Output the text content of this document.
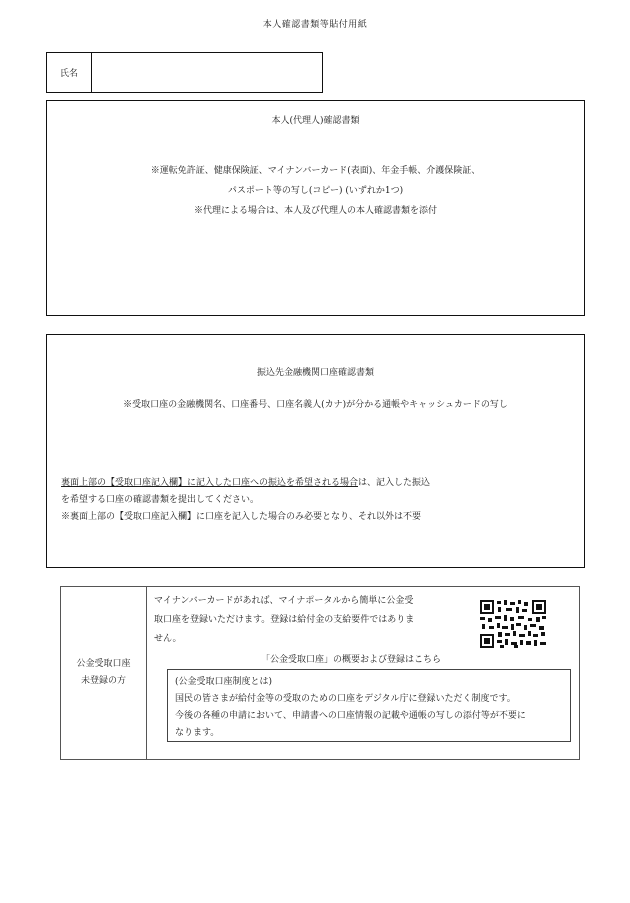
本人確認書類等貼付用紙
氏名
本人(代理人)確認書類
※運転免許証、健康保険証、マイナンバーカード(表面)、年金手帳、介護保険証、
パスポート等の写し(コピー) (いずれか1つ)
※代理による場合は、本人及び代理人の本人確認書類を添付
振込先金融機関口座確認書類
※受取口座の金融機関名、口座番号、口座名義人(カナ)が分かる通帳やキャッシュカードの写し
裏面上部の【受取口座記入欄】に記入した口座への振込を希望される場合は、記入した振込
を希望する口座の確認書類を提出してください。
※裏面上部の【受取口座記入欄】に口座を記入した場合のみ必要となり、それ以外は不要
公金受取口座
未登録の方
マイナンバーカードがあれば、マイナポータルから簡単に公金受
取口座を登録いただけます。登録は給付金の支給要件ではありま
せん。
「公金受取口座」の概要および登録はこちら
(公金受取口座制度とは)
国民の皆さまが給付金等の受取のための口座をデジタル庁に登録いただく制度です。
今後の各種の申請において、申請書への口座情報の記載や通帳の写しの添付等が不要に
なります。
